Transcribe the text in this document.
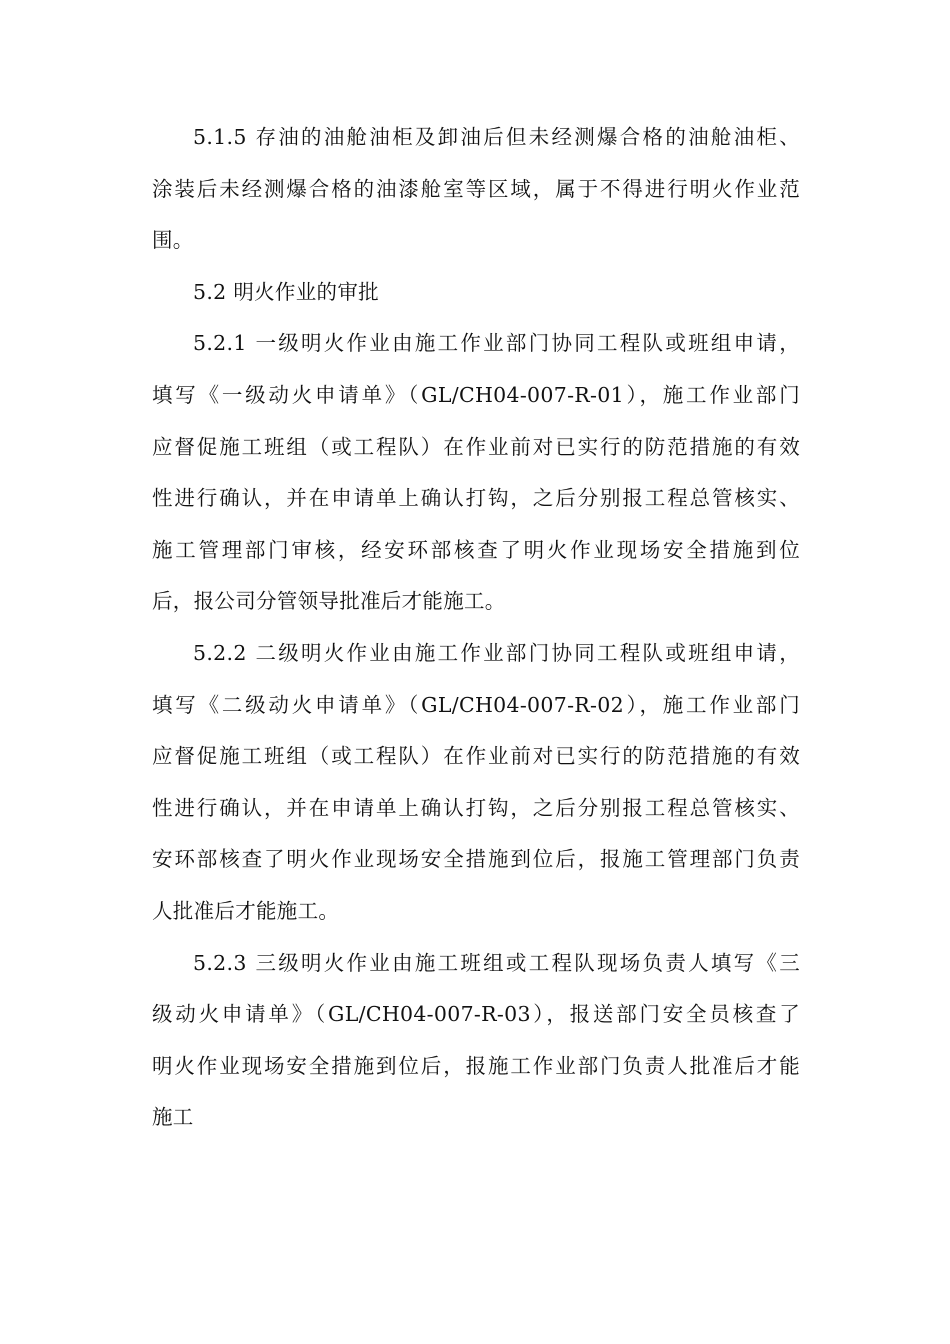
5.1.5 存油的油舱油柜及卸油后但未经测爆合格的油舱油柜、
涂装后未经测爆合格的油漆舱室等区域，属于不得进行明火作业范
围。
5.2 明火作业的审批
5.2.1 一级明火作业由施工作业部门协同工程队或班组申请，
填写《一级动火申请单》（GL/CH04-007-R-01），施工作业部门
应督促施工班组（或工程队）在作业前对已实行的防范措施的有效
性进行确认，并在申请单上确认打钩，之后分别报工程总管核实、
施工管理部门审核，经安环部核查了明火作业现场安全措施到位
后，报公司分管领导批准后才能施工。
5.2.2 二级明火作业由施工作业部门协同工程队或班组申请，
填写《二级动火申请单》（GL/CH04-007-R-02），施工作业部门
应督促施工班组（或工程队）在作业前对已实行的防范措施的有效
性进行确认，并在申请单上确认打钩，之后分别报工程总管核实、
安环部核查了明火作业现场安全措施到位后，报施工管理部门负责
人批准后才能施工。
5.2.3 三级明火作业由施工班组或工程队现场负责人填写《三
级动火申请单》（GL/CH04-007-R-03），报送部门安全员核查了
明火作业现场安全措施到位后，报施工作业部门负责人批准后才能
施工
